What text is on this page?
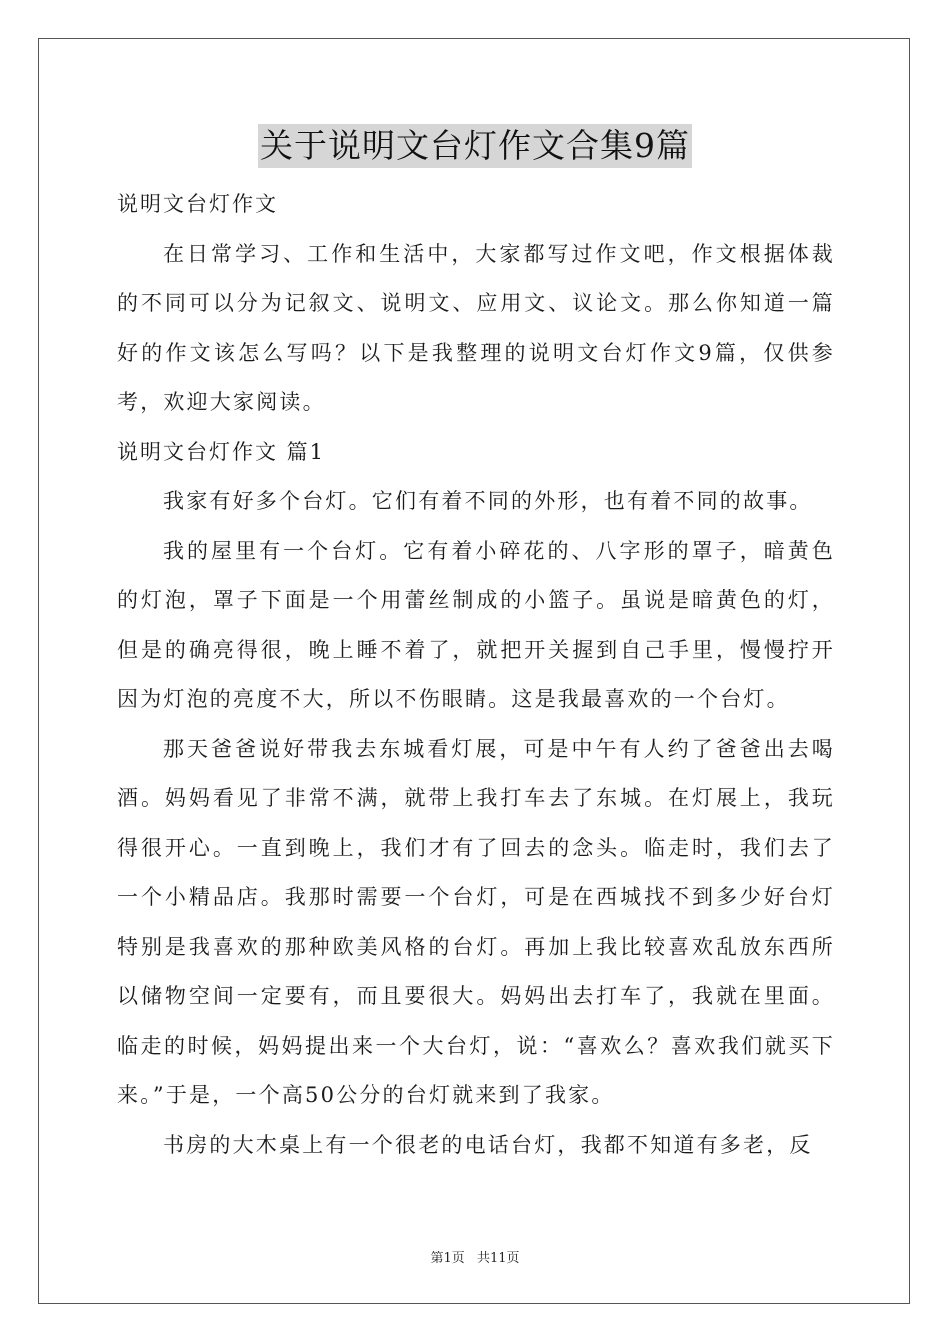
关于说明文台灯作文合集9篇

说明文台灯作文

在日常学习、工作和生活中，大家都写过作文吧，作文根据体裁的不同可以分为记叙文、说明文、应用文、议论文。那么你知道一篇好的作文该怎么写吗？以下是我整理的说明文台灯作文9篇，仅供参考，欢迎大家阅读。

说明文台灯作文 篇1

我家有好多个台灯。它们有着不同的外形，也有着不同的故事。

我的屋里有一个台灯。它有着小碎花的、八字形的罩子，暗黄色的灯泡，罩子下面是一个用蕾丝制成的小篮子。虽说是暗黄色的灯，但是的确亮得很，晚上睡不着了，就把开关握到自己手里，慢慢拧开因为灯泡的亮度不大，所以不伤眼睛。这是我最喜欢的一个台灯。

那天爸爸说好带我去东城看灯展，可是中午有人约了爸爸出去喝酒。妈妈看见了非常不满，就带上我打车去了东城。在灯展上，我玩得很开心。一直到晚上，我们才有了回去的念头。临走时，我们去了一个小精品店。我那时需要一个台灯，可是在西城找不到多少好台灯特别是我喜欢的那种欧美风格的台灯。再加上我比较喜欢乱放东西所以储物空间一定要有，而且要很大。妈妈出去打车了，我就在里面。临走的时候，妈妈提出来一个大台灯，说：“喜欢么？喜欢我们就买下来。”于是，一个高50公分的台灯就来到了我家。

书房的大木桌上有一个很老的电话台灯，我都不知道有多老，反

第1页 共11页
